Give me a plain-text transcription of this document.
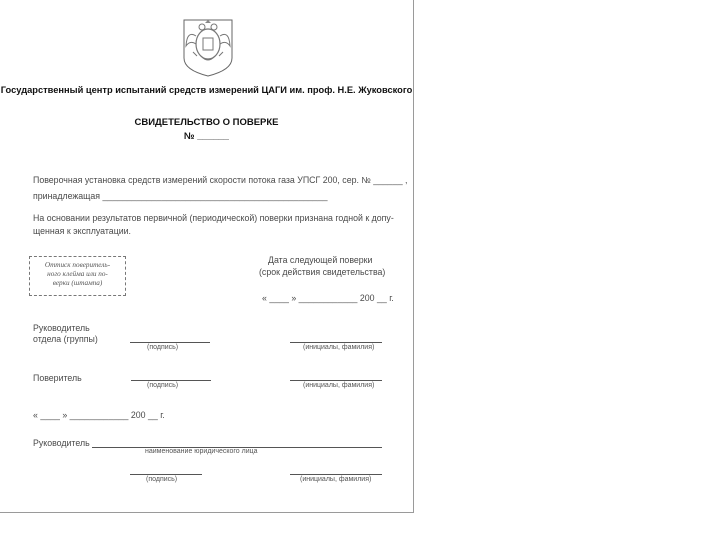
Государственный центр испытаний средств измерений ЦАГИ им. проф. Н.Е. Жуковского
СВИДЕТЕЛЬСТВО О ПОВЕРКЕ
№ ______
Поверочная установка средств измерений скорости потока газа УПСГ 200, сер. № ______ ,
принадлежащая ______________________________________________
На основании результатов первичной (периодической) поверки признана годной к допу-
щенная к эксплуатации.
Оттиск поверитель-
ного клейма или по-
верки (штампа)
Дата следующей поверки
(срок действия свидетельства)
« ____ » ____________ 200 __ г.
Руководитель
отдела (группы)
(подпись)	(инициалы, фамилия)
Поверитель
(подпись)	(инициалы, фамилия)
« ____ » ____________ 200 __ г.
Руководитель
наименование юридического лица
(подпись)	(инициалы, фамилия)
